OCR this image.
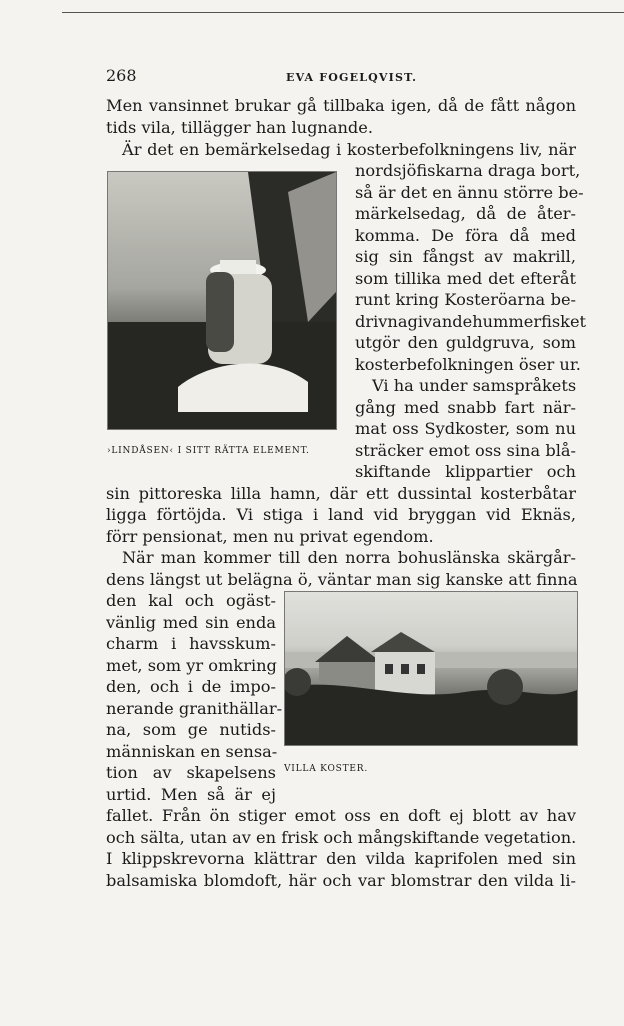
268	EVA FOGELQVIST.
Men vansinnet brukar gå tillbaka igen, då de fått någon
tids vila, tillägger han lugnande.
Är det en bemärkelsedag i kosterbefolkningens liv, när
nordsjöfiskarna draga bort,
så är det en ännu större be-
märkelsedag, då de åter-
komma. De föra då med
sig sin fångst av makrill,
som tillika med det efteråt
runt kring Kosteröarna be-
drivnagivandehummerfisket
utgör den guldgruva, som
kosterbefolkningen öser ur.
Vi ha under samspråkets
gång med snabb fart när-
mat oss Sydkoster, som nu
sträcker emot oss sina blå-
skiftande klippartier och
sin pittoreska lilla hamn, där ett dussintal kosterbåtar
ligga förtöjda. Vi stiga i land vid bryggan vid Eknäs,
förr pensionat, men nu privat egendom.
När man kommer till den norra bohuslänska skärgår-
dens längst ut belägna ö, väntar man sig kanske att finna
den kal och ogäst-
vänlig med sin enda
charm i havsskum-
met, som yr omkring
den, och i de impo-
nerande granithällar-
na, som ge nutids-
människan en sensa-
tion av skapelsens
urtid. Men så är ej
fallet. Från ön stiger emot oss en doft ej blott av hav
och sälta, utan av en frisk och mångskiftande vegetation.
I klippskrevorna klättrar den vilda kaprifolen med sin
balsamiska blomdoft, här och var blomstrar den vilda li-
›LINDÅSEN‹ I SITT RÄTTA ELEMENT.
VILLA KOSTER.
